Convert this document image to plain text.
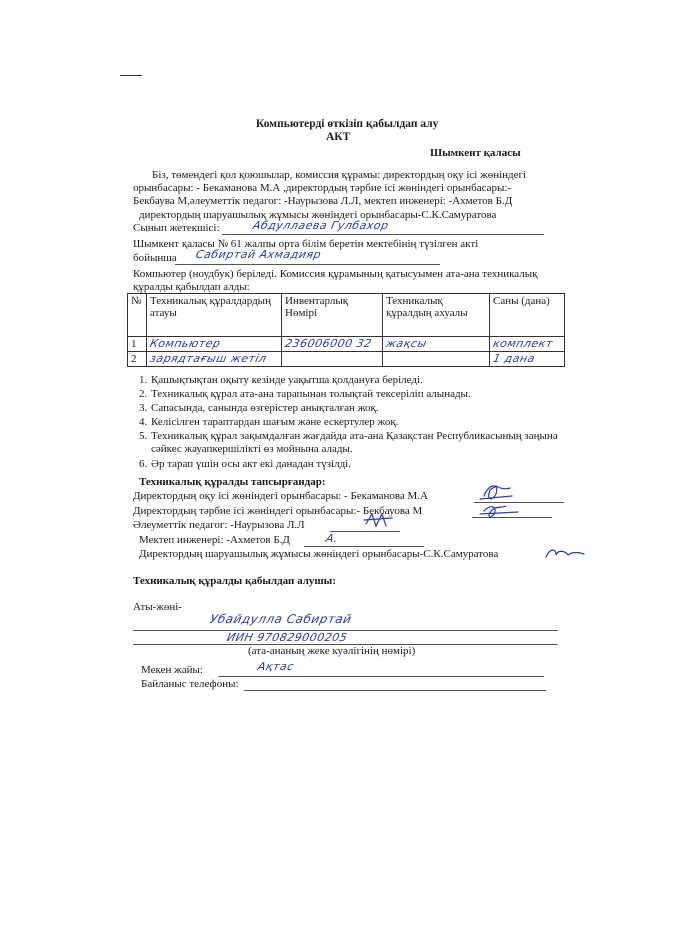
Компьютерді өткізіп қабылдап алу
АКТ
Шымкент қаласы
Біз, төмендегі қол қоюшылар, комиссия құрамы: директордың оқу ісі жөніндегі
орынбасары: - Бекаманова М.А ,директордың тәрбие ісі жөніндегі орынбасары:-
Бекбаува М,әлеуметтік педагог: -Наурызова Л.Л, мектеп инженері: -Ахметов Б.Д
директордың шаруашылық жұмысы жөніндегі орынбасары-С.К.Самуратова
Сынып жетекшісі:	Абдуллаева Гулбахор
Шымкент қаласы № 61 жалпы орта білім беретін мектебінің түзілген акті
бойынша Сабиртай Ахмадияр
Компьютер (ноудбук) беріледі. Комиссия құрамының қатысуымен ата-ана техникалық
құралды қабылдап алды:
№	Техникалық құралдардың атауы	Инвентарлық Нөмірі	Техникалық құралдың ахуалы	Саны (дана)
1	Компьютер	236006000 32	жақсы	комплект
2	зарядтағыш жетіл			1 дана
1. Қашықтықтан оқыту кезінде уақытша қолдануға беріледі.
2. Техникалық құрал ата-ана тарапынан толықтай тексеріліп алынады.
3. Сапасында, санында өзгерістер анықталған жоқ.
4. Келісілген тараптардан шағым және ескертулер жоқ.
5. Техникалық құрал зақымдалған жағдайда ата-ана Қазақстан Республикасының заңына сәйкес жауапкершілікті өз мойнына алады.
6. Әр тарап үшін осы акт екі данадан түзілді.
Техникалық құралды тапсырғандар:
Директордың оқу ісі жөніндегі орынбасары: - Бекаманова М.А
Директордың тәрбие ісі жөніндегі орынбасары:- Бекбауова М
Әлеуметтік педагог: -Наурызова Л.Л
Мектеп инженері: -Ахметов Б.Д	А.
Директордың шаруашылық жұмысы жөніндегі орынбасары-С.К.Самуратова
Техникалық құралды қабылдап алушы:
Аты-жөні-
Убайдулла Сабиртай
ИИН 970829000205
(ата-ананың жеке куәлігінің нөмірі)
Мекен жайы:	Ақтас
Байланыс телефоны:
